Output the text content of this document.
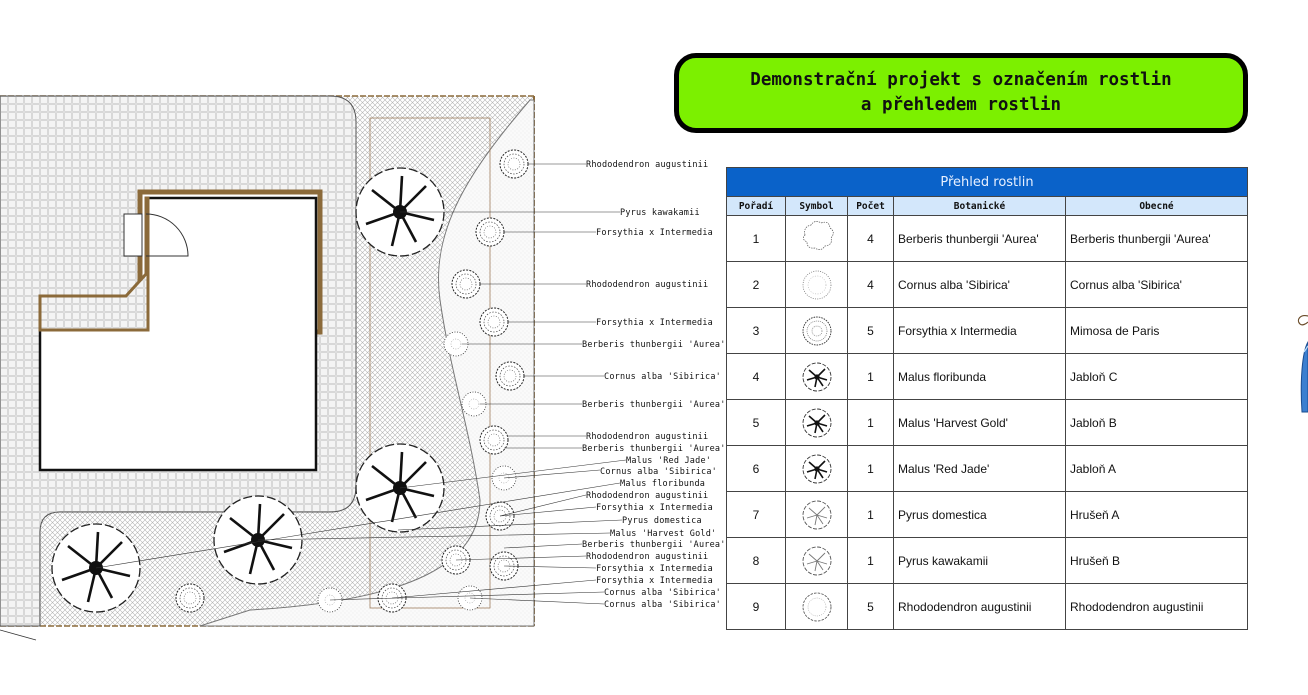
Rhododendron augustinii
Pyrus kawakamii
Forsythia x Intermedia
Rhododendron augustinii
Forsythia x Intermedia
Berberis thunbergii 'Aurea'
Cornus alba 'Sibirica'
Berberis thunbergii 'Aurea'
Rhododendron augustinii
Berberis thunbergii 'Aurea'
Malus 'Red Jade'
Cornus alba 'Sibirica'
Malus floribunda
Rhododendron augustinii
Forsythia x Intermedia
Pyrus domestica
Malus 'Harvest Gold'
Berberis thunbergii 'Aurea'
Rhododendron augustinii
Forsythia x Intermedia
Forsythia x Intermedia
Cornus alba 'Sibirica'
Cornus alba 'Sibirica'
Demonstrační projekt s označením rostlin
a přehledem rostlin
Přehled rostlin				
Pořadí	Symbol	Počet	Botanické	Obecné
1		4	Berberis thunbergii 'Aurea'	Berberis thunbergii 'Aurea'
2		4	Cornus alba 'Sibirica'	Cornus alba 'Sibirica'
3		5	Forsythia x Intermedia	Mimosa de Paris
4		1	Malus floribunda	Jabloň C
5		1	Malus 'Harvest Gold'	Jabloň B
6		1	Malus 'Red Jade'	Jabloň A
7		1	Pyrus domestica	Hrušeň A
8		1	Pyrus kawakamii	Hrušeň B
9		5	Rhododendron augustinii	Rhododendron augustinii
